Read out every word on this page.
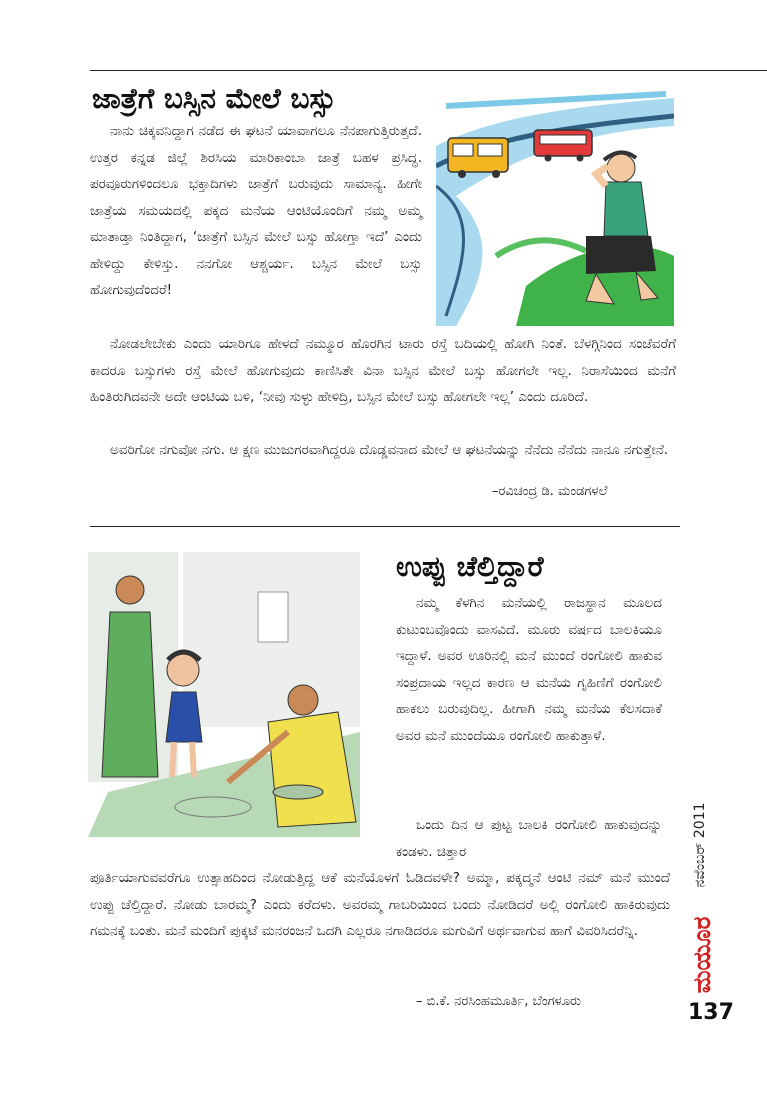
ಜಾತ್ರೆಗೆ ಬಸ್ಸಿನ ಮೇಲೆ ಬಸ್ಸು

ನಾನು ಚಿಕ್ಕವನಿದ್ದಾಗ ನಡೆದ ಈ ಘಟನೆ ಯಾವಾಗಲೂ ನೆನಪಾಗುತ್ತಿರುತ್ತದೆ. ಉತ್ತರ ಕನ್ನಡ ಜಿಲ್ಲೆ ಶಿರಸಿಯ ಮಾರಿಕಾಂಬಾ ಜಾತ್ರೆ ಬಹಳ ಪ್ರಸಿದ್ಧ. ಪರವೂರುಗಳಿಂದಲೂ ಭಕ್ತಾದಿಗಳು ಜಾತ್ರೆಗೆ ಬರುವುದು ಸಾಮಾನ್ಯ. ಹೀಗೇ ಜಾತ್ರೆಯ ಸಮಯದಲ್ಲಿ ಪಕ್ಕದ ಮನೆಯ ಆಂಟಿಯೊಂದಿಗೆ ನಮ್ಮ ಅಮ್ಮ ಮಾತಾಡ್ತಾ ನಿಂತಿದ್ದಾಗ, ‘ಜಾತ್ರೆಗೆ ಬಸ್ಸಿನ ಮೇಲೆ ಬಸ್ಸು ಹೋಗ್ತಾ ಇದೆ’ ಎಂದು ಹೇಳಿದ್ದು ಕೇಳಿಸ್ತು. ನನಗೋ ಆಶ್ಚರ್ಯ. ಬಸ್ಸಿನ ಮೇಲೆ ಬಸ್ಸು ಹೋಗುವುದೆಂದರೆ!

ನೋಡಲೇಬೇಕು ಎಂದು ಯಾರಿಗೂ ಹೇಳದೆ ನಮ್ಮೂರ ಹೊರಗಿನ ಟಾರು ರಸ್ತೆ ಬದಿಯಲ್ಲಿ ಹೋಗಿ ನಿಂತೆ. ಬೆಳಗ್ಗಿನಿಂದ ಸಂಜೆವರೆಗೆ ಕಾದರೂ ಬಸ್ಸುಗಳು ರಸ್ತೆ ಮೇಲೆ ಹೋಗುವುದು ಕಾಣಿಸಿತೇ ವಿನಾ ಬಸ್ಸಿನ ಮೇಲೆ ಬಸ್ಸು ಹೋಗಲೇ ಇಲ್ಲ. ನಿರಾಸೆಯಿಂದ ಮನೆಗೆ ಹಿಂತಿರುಗಿದವನೇ ಅದೇ ಆಂಟಿಯ ಬಳಿ, ‘ನೀವು ಸುಳ್ಳು ಹೇಳಿದ್ರಿ, ಬಸ್ಸಿನ ಮೇಲೆ ಬಸ್ಸು ಹೋಗಲೇ ಇಲ್ಲ’ ಎಂದು ದೂರಿದೆ.

ಅವರಿಗೋ ನಗುವೋ ನಗು. ಆ ಕ್ಷಣ ಮುಜುಗರವಾಗಿದ್ದರೂ ದೊಡ್ಡವನಾದ ಮೇಲೆ ಆ ಘಟನೆಯನ್ನು ನೆನೆದು ನೆನೆದು ನಾನೂ ನಗುತ್ತೇನೆ.

–ರವಿಚಂದ್ರ ಡಿ. ಮಂಡಗಳಲೆ
ಉಪ್ಪು ಚೆಲ್ತಿದ್ದಾರೆ

ನಮ್ಮ ಕೆಳಗಿನ ಮನೆಯಲ್ಲಿ ರಾಜಸ್ಥಾನ ಮೂಲದ ಕುಟುಂಬವೊಂದು ವಾಸವಿದೆ. ಮೂರು ವರ್ಷದ ಬಾಲಕಿಯೂ ಇದ್ದಾಳೆ. ಅವರ ಊರಿನಲ್ಲಿ ಮನೆ ಮುಂದೆ ರಂಗೋಲಿ ಹಾಕುವ ಸಂಪ್ರದಾಯ ಇಲ್ಲದ ಕಾರಣ ಆ ಮನೆಯ ಗೃಹಿಣಿಗೆ ರಂಗೋಲಿ ಹಾಕಲು ಬರುವುದಿಲ್ಲ. ಹೀಗಾಗಿ ನಮ್ಮ ಮನೆಯ ಕೆಲಸದಾಕೆ ಅವರ ಮನೆ ಮುಂದೆಯೂ ರಂಗೋಲಿ ಹಾಕುತ್ತಾಳೆ.

ಒಂದು ದಿನ ಆ ಪುಟ್ಟ ಬಾಲಕಿ ರಂಗೋಲಿ ಹಾಕುವುದನ್ನು ಕಂಡಳು. ಚಿತ್ತಾರ

ಪೂರ್ತಿಯಾಗುವವರೆಗೂ ಉತ್ಸಾಹದಿಂದ ನೋಡುತ್ತಿದ್ದ ಆಕೆ ಮನೆಯೊಳಗೆ ಓಡಿದವಳೇ? ಅಮ್ಮಾ, ಪಕ್ಕದ್ಮನೆ ಆಂಟಿ ನಮ್ ಮನೆ ಮುಂದೆ ಉಪ್ಪು ಚೆಲ್ತಿದ್ದಾರೆ. ನೋಡು ಬಾರಮ್ಮ? ಎಂದು ಕರೆದಳು. ಅವರಮ್ಮ ಗಾಬರಿಯಿಂದ ಬಂದು ನೋಡಿದರೆ ಅಲ್ಲಿ ರಂಗೋಲಿ ಹಾಕಿರುವುದು ಗಮನಕ್ಕೆ ಬಂತು. ಮನೆ ಮಂದಿಗೆ ಪುಕ್ಕಟೆ ಮನರಂಜನೆ ಒದಗಿ ಎಲ್ಲರೂ ನಗಾಡಿದರೂ ಮಗುವಿಗೆ ಅರ್ಥವಾಗುವ ಹಾಗೆ ವಿವರಿಸಿದರೆನ್ನಿ.

– ಬಿ.ಕೆ. ನರಸಿಂಹಮೂರ್ತಿ, ಬೆಂಗಳೂರು
ನವೆಂಬರ್ 2011
ಮಯೂರ
137
